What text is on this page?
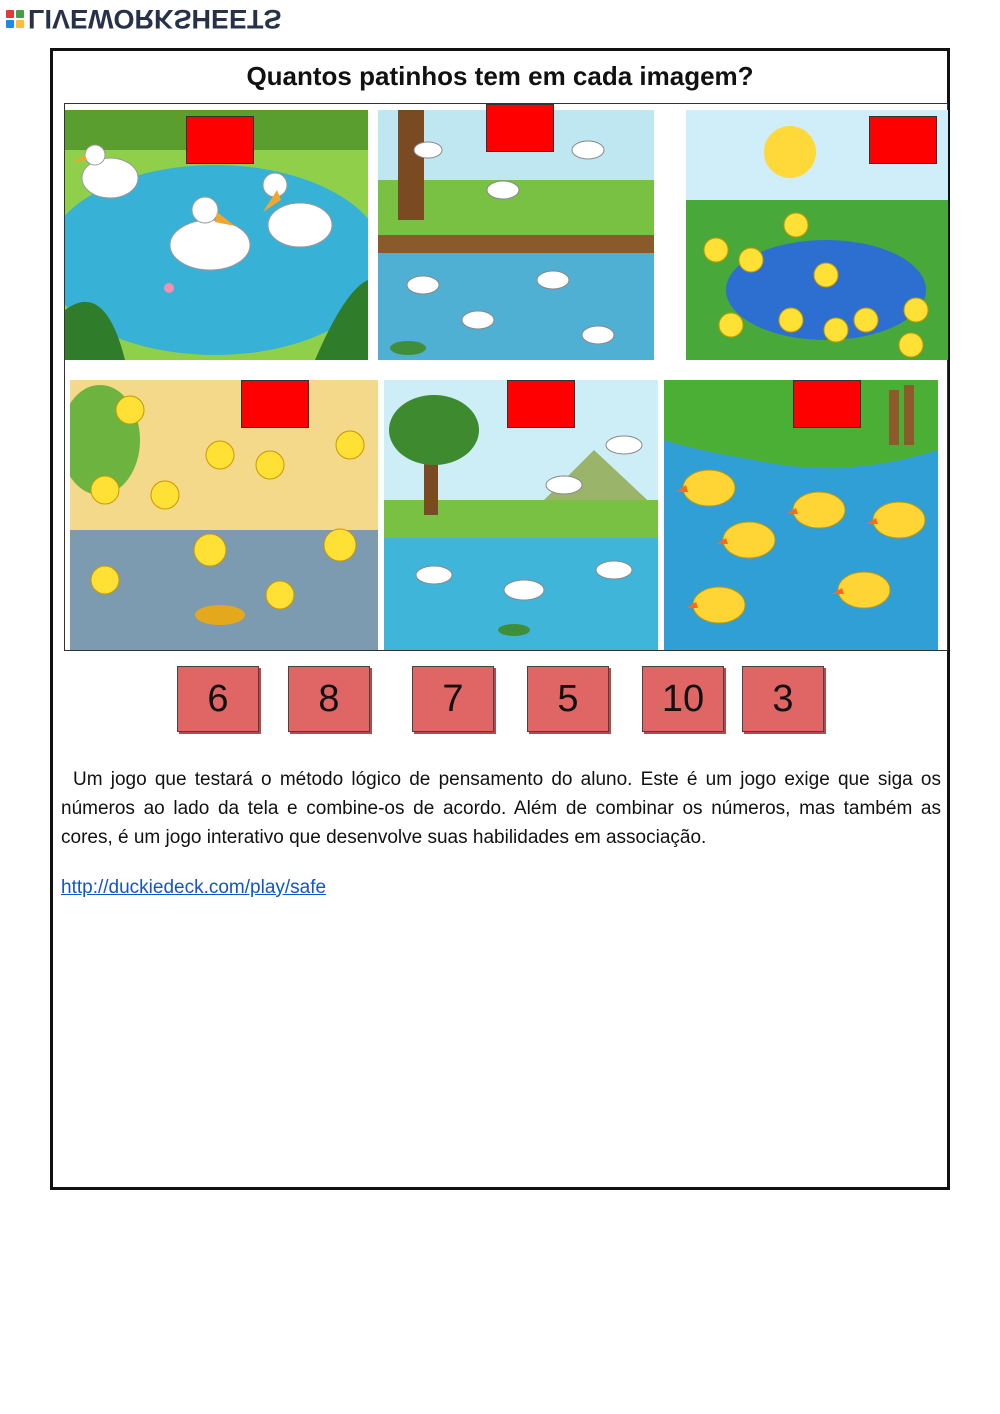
LIVEWORKSHEETS
Quantos patinhos tem em cada imagem?
6	8	7	5	10	3
Um jogo que testará o método lógico de pensamento do aluno. Este é um jogo exige que siga os números ao lado da tela e combine-os de acordo. Além de combinar os números, mas também as cores, é um jogo interativo que desenvolve suas habilidades em associação.
http://duckiedeck.com/play/safe
